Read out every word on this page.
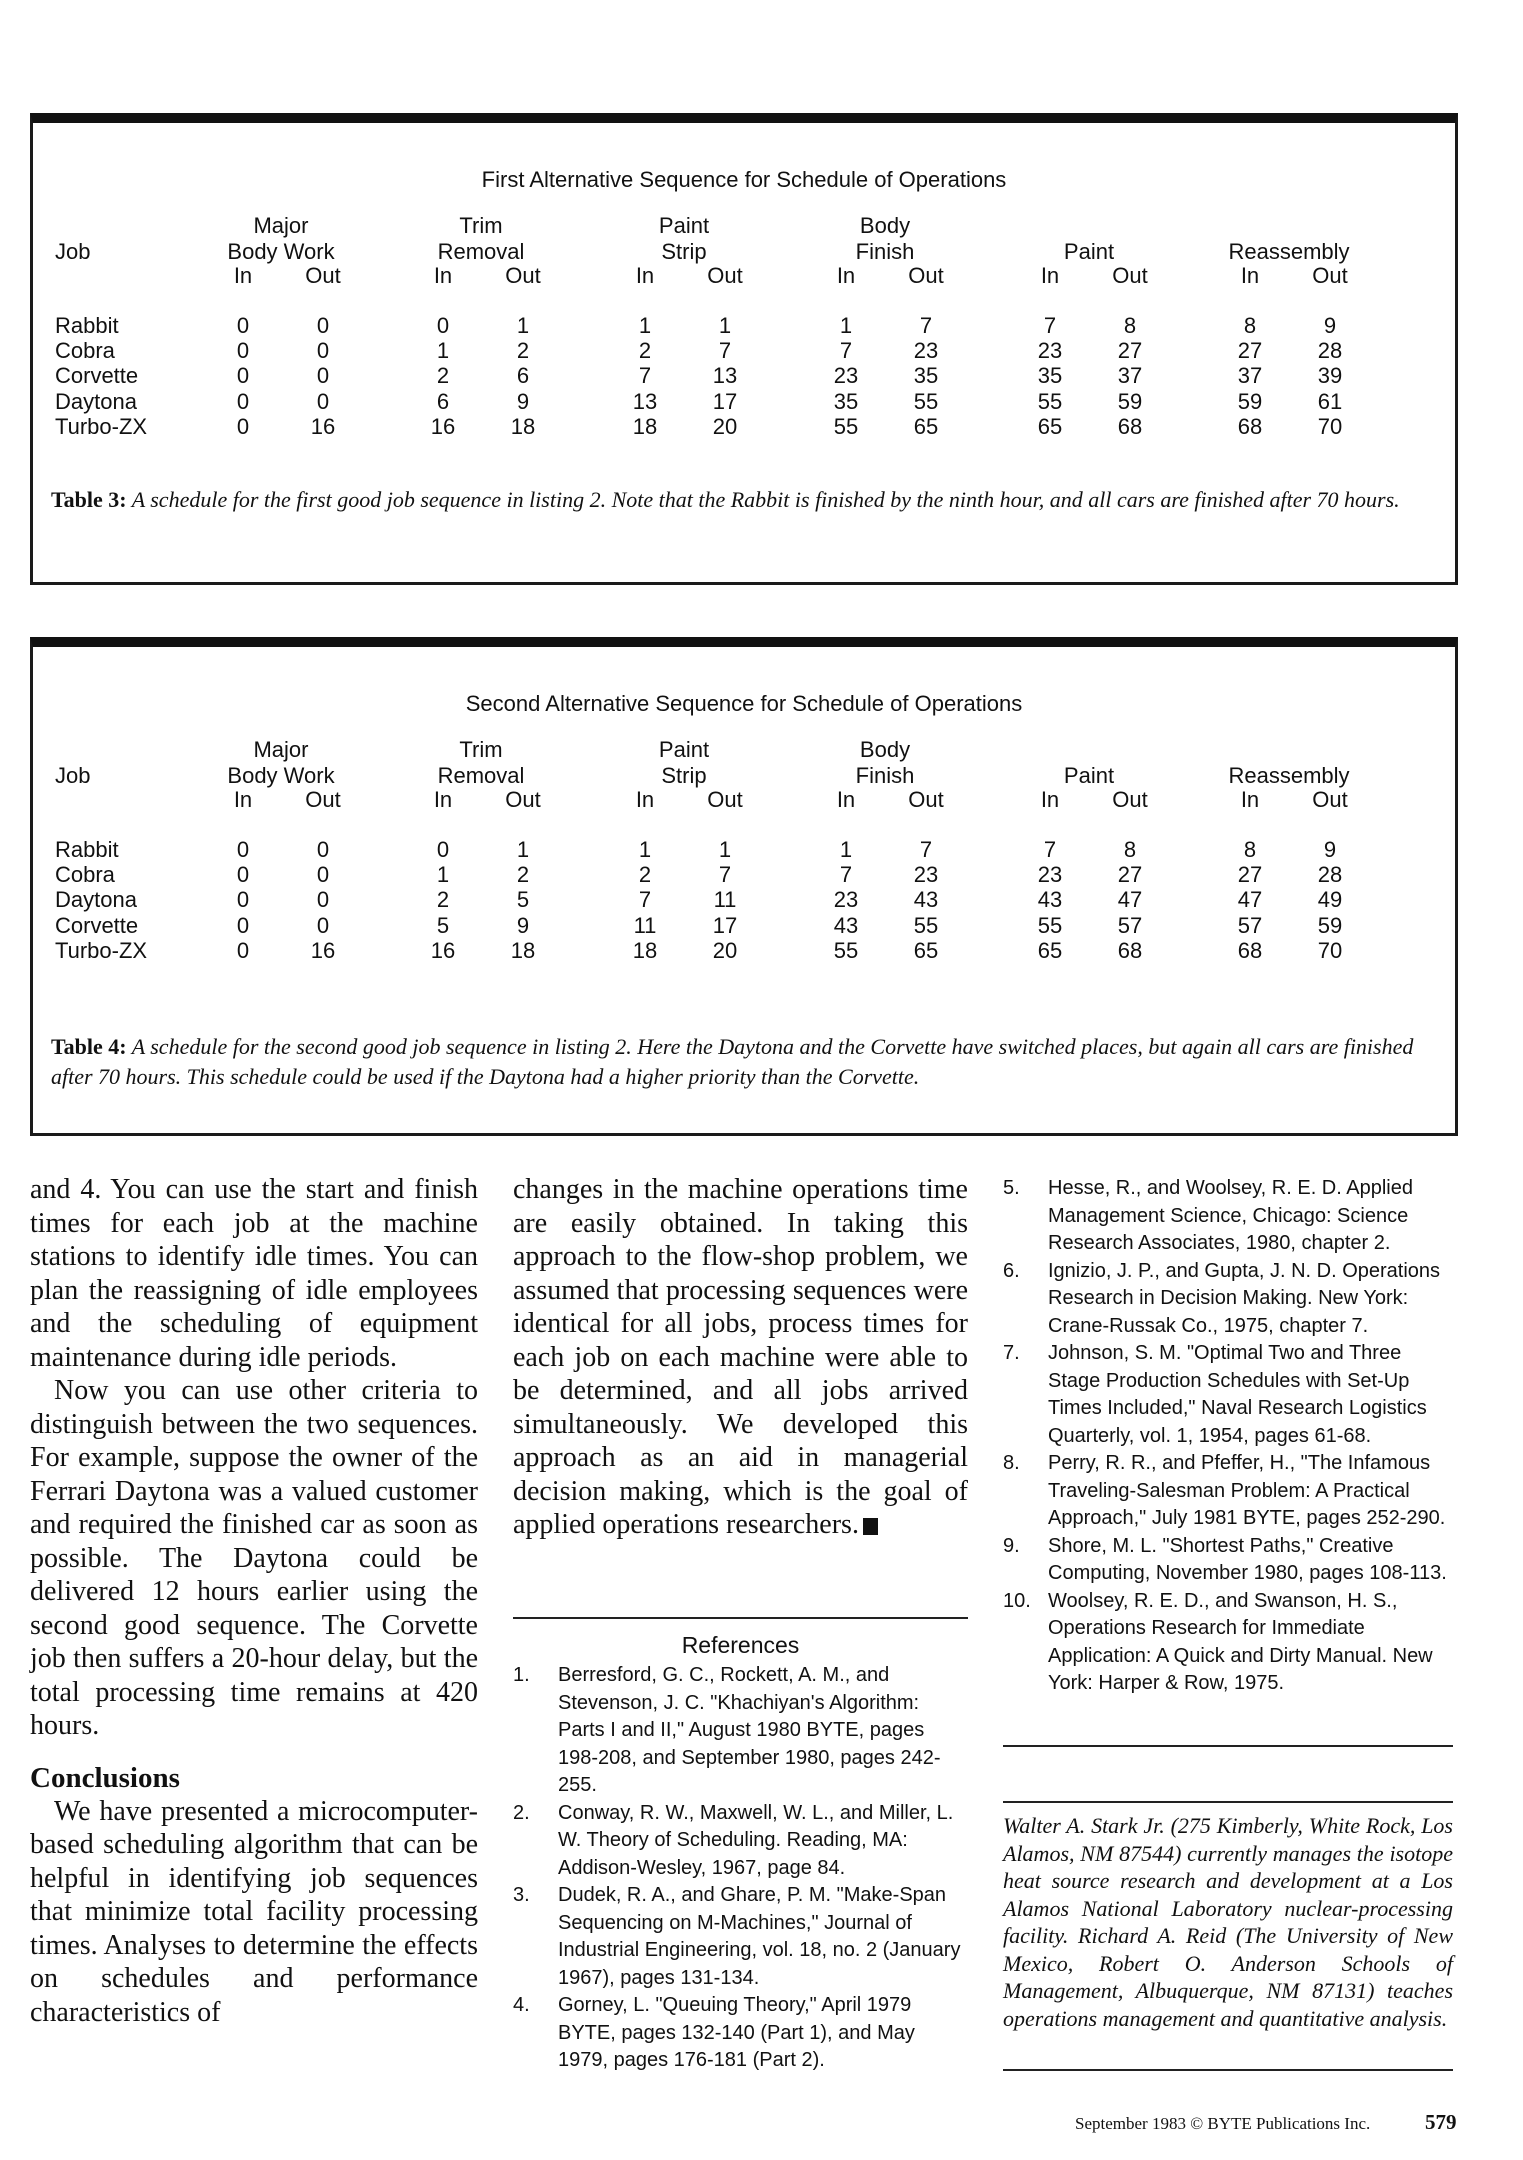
First Alternative Sequence for Schedule of Operations
Job
Major
Body Work
In	Out
Trim
Removal
In	Out
Paint
Strip
In	Out
Body
Finish
In	Out
Paint
In	Out
Reassembly
In	Out
Rabbit	0	0	0	1	1	1	1	7	7	8	8	9
Cobra	0	0	1	2	2	7	7	23	23	27	27	28
Corvette	0	0	2	6	7	13	23	35	35	37	37	39
Daytona	0	0	6	9	13	17	35	55	55	59	59	61
Turbo-ZX	0	16	16	18	18	20	55	65	65	68	68	70
Table 3: A schedule for the first good job sequence in listing 2. Note that the Rabbit is finished by the ninth hour, and all cars are finished after 70 hours.
Second Alternative Sequence for Schedule of Operations
Job
Major
Body Work
In	Out
Trim
Removal
In	Out
Paint
Strip
In	Out
Body
Finish
In	Out
Paint
In	Out
Reassembly
In	Out
Rabbit	0	0	0	1	1	1	1	7	7	8	8	9
Cobra	0	0	1	2	2	7	7	23	23	27	27	28
Daytona	0	0	2	5	7	11	23	43	43	47	47	49
Corvette	0	0	5	9	11	17	43	55	55	57	57	59
Turbo-ZX	0	16	16	18	18	20	55	65	65	68	68	70
Table 4: A schedule for the second good job sequence in listing 2. Here the Daytona and the Corvette have switched places, but again all cars are finished after 70 hours. This schedule could be used if the Daytona had a higher priority than the Corvette.

and 4. You can use the start and finish times for each job at the machine stations to identify idle times. You can plan the reassigning of idle employees and the scheduling of equipment maintenance during idle periods.

Now you can use other criteria to distinguish between the two sequences. For example, suppose the owner of the Ferrari Daytona was a valued customer and required the finished car as soon as possible. The Daytona could be delivered 12 hours earlier using the second good sequence. The Corvette job then suffers a 20-hour delay, but the total processing time remains at 420 hours.

Conclusions

We have presented a microcomputer-based scheduling algorithm that can be helpful in identifying job sequences that minimize total facility processing times. Analyses to determine the effects on schedules and performance characteristics of

changes in the machine operations time are easily obtained. In taking this approach to the flow-shop problem, we assumed that processing sequences were identical for all jobs, process times for each job on each machine were able to be determined, and all jobs arrived simultaneously. We developed this approach as an aid in managerial decision making, which is the goal of applied operations researchers.

References
1.	Berresford, G. C., Rockett, A. M., and Stevenson, J. C. "Khachiyan's Algorithm: Parts I and II," August 1980 BYTE, pages 198-208, and September 1980, pages 242-255.
2.	Conway, R. W., Maxwell, W. L., and Miller, L. W. Theory of Scheduling. Reading, MA: Addison-Wesley, 1967, page 84.
3.	Dudek, R. A., and Ghare, P. M. "Make-Span Sequencing on M-Machines," Journal of Industrial Engineering, vol. 18, no. 2 (January 1967), pages 131-134.
4.	Gorney, L. "Queuing Theory," April 1979 BYTE, pages 132-140 (Part 1), and May 1979, pages 176-181 (Part 2).
5.	Hesse, R., and Woolsey, R. E. D. Applied Management Science, Chicago: Science Research Associates, 1980, chapter 2.
6.	Ignizio, J. P., and Gupta, J. N. D. Operations Research in Decision Making. New York: Crane-Russak Co., 1975, chapter 7.
7.	Johnson, S. M. "Optimal Two and Three Stage Production Schedules with Set-Up Times Included," Naval Research Logistics Quarterly, vol. 1, 1954, pages 61-68.
8.	Perry, R. R., and Pfeffer, H., "The Infamous Traveling-Salesman Problem: A Practical Approach," July 1981 BYTE, pages 252-290.
9.	Shore, M. L. "Shortest Paths," Creative Computing, November 1980, pages 108-113.
10. Woolsey, R. E. D., and Swanson, H. S., Operations Research for Immediate Application: A Quick and Dirty Manual. New York: Harper & Row, 1975.
Walter A. Stark Jr. (275 Kimberly, White Rock, Los Alamos, NM 87544) currently manages the isotope heat source research and development at a Los Alamos National Laboratory nuclear-processing facility. Richard A. Reid (The University of New Mexico, Robert O. Anderson Schools of Management, Albuquerque, NM 87131) teaches operations management and quantitative analysis.
September 1983 © BYTE Publications Inc.	579
